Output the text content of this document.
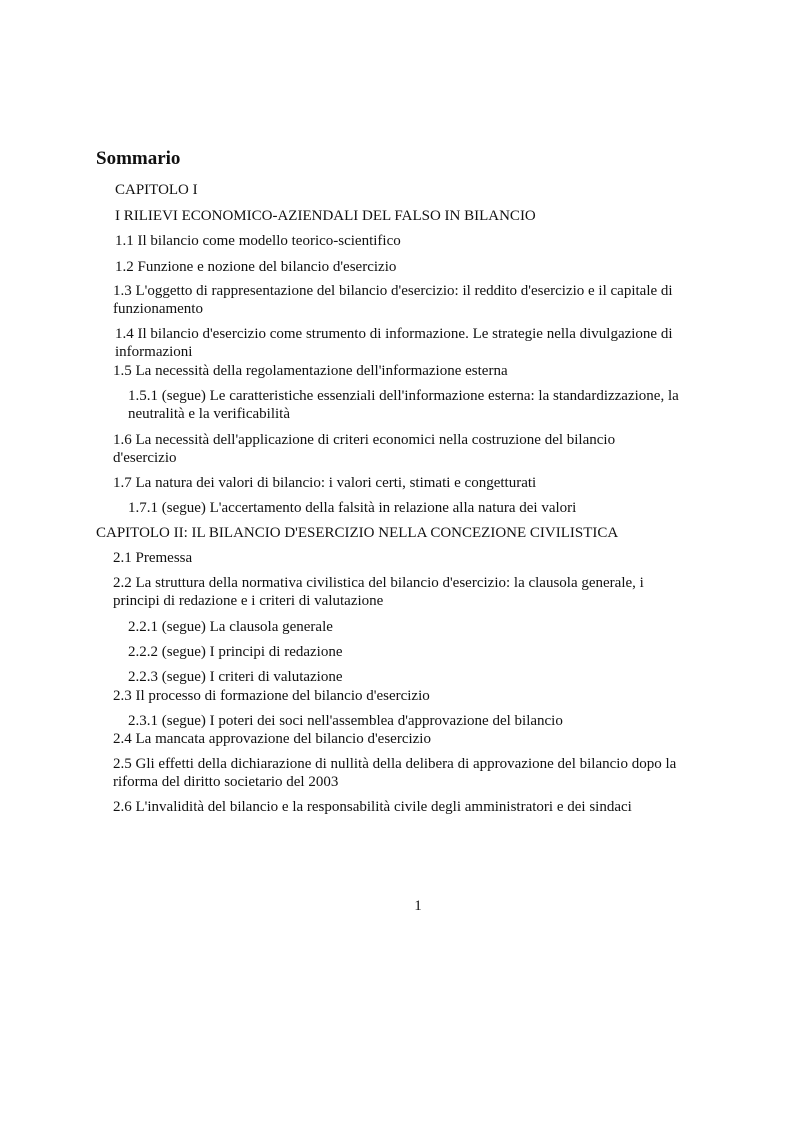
Sommario
CAPITOLO I
I RILIEVI ECONOMICO-AZIENDALI DEL FALSO IN BILANCIO
1.1 Il bilancio come modello teorico-scientifico
1.2 Funzione e nozione del bilancio d'esercizio
1.3 L'oggetto di rappresentazione del bilancio d'esercizio: il reddito d'esercizio e il capitale di funzionamento
1.4 Il bilancio d'esercizio come strumento di informazione. Le strategie nella divulgazione di informazioni
1.5 La necessità della regolamentazione dell'informazione esterna
1.5.1 (segue) Le caratteristiche essenziali dell'informazione esterna: la standardizzazione, la neutralità e la verificabilità
1.6 La necessità dell'applicazione di criteri economici nella costruzione del bilancio d'esercizio
1.7 La natura dei valori di bilancio: i valori certi, stimati e congetturati
1.7.1 (segue) L'accertamento della falsità in relazione alla natura dei valori
CAPITOLO II: IL BILANCIO D'ESERCIZIO NELLA CONCEZIONE CIVILISTICA
2.1 Premessa
2.2 La struttura della normativa civilistica del bilancio d'esercizio: la clausola generale, i principi di redazione e i criteri di valutazione
2.2.1 (segue) La clausola generale
2.2.2 (segue) I principi di redazione
2.2.3 (segue) I criteri di valutazione
2.3 Il processo di formazione del bilancio d'esercizio
2.3.1 (segue) I poteri dei soci nell'assemblea d'approvazione del bilancio
2.4 La mancata approvazione del bilancio d'esercizio
2.5 Gli effetti della dichiarazione di nullità della delibera di approvazione del bilancio dopo la riforma del diritto societario del 2003
2.6 L'invalidità del bilancio e la responsabilità civile degli amministratori e dei sindaci
1
